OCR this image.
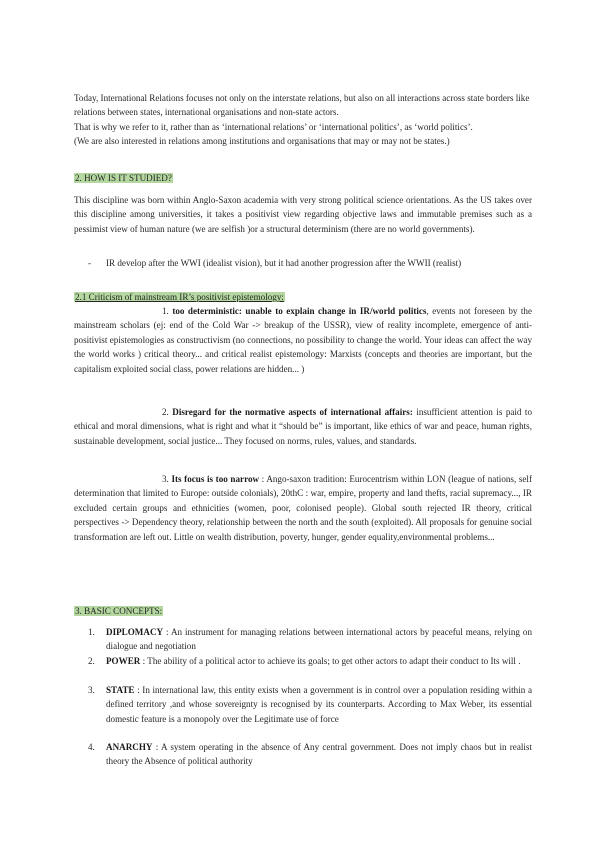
Today, International Relations focuses not only on the interstate relations, but also on all interactions across state borders like relations between states, international organisations and non-state actors.

That is why we refer to it, rather than as ‘international relations’ or ‘international politics’, as ‘world politics’.

(We are also interested in relations among institutions and organisations that may or may not be states.)

2. HOW IS IT STUDIED?

This discipline was born within Anglo-Saxon academia with very strong political science orientations. As the US takes over this discipline among universities, it takes a positivist view regarding objective laws and immutable premises such as a pessimist view of human nature (we are selfish )or a structural determinism (there are no world governments).

- IR develop after the WWI (idealist vision), but it had another progression after the WWII (realist)

2.1 Criticism of mainstream IR’s positivist epistemology:

1. too deterministic: unable to explain change in IR/world politics, events not foreseen by the mainstream scholars (ej: end of the Cold War -> breakup of the USSR), view of reality incomplete, emergence of anti-positivist epistemologies as constructivism (no connections, no possibility to change the world. Your ideas can affect the way the world works ) critical theory... and critical realist epistemology: Marxists (concepts and theories are important, but the capitalism exploited social class, power relations are hidden... )

2. Disregard for the normative aspects of international affairs: insufficient attention is paid to ethical and moral dimensions, what is right and what it “should be” is important, like ethics of war and peace, human rights, sustainable development, social justice... They focused on norms, rules, values, and standards.

3. Its focus is too narrow : Ango-saxon tradition: Eurocentrism within LON (league of nations, self determination that limited to Europe: outside colonials), 20thC : war, empire, property and land thefts, racial supremacy..., IR excluded certain groups and ethnicities (women, poor, colonised people). Global south rejected IR theory, critical perspectives -> Dependency theory, relationship between the north and the south (exploited). All proposals for genuine social transformation are left out. Little on wealth distribution, poverty, hunger, gender equality,environmental problems...

3. BASIC CONCEPTS:

1.	DIPLOMACY : An instrument for managing relations between international actors by peaceful means, relying on dialogue and negotiation
2.	POWER : The ability of a political actor to achieve its goals; to get other actors to adapt their conduct to Its will .
3.	STATE : In international law, this entity exists when a government is in control over a population residing within a defined territory ,and whose sovereignty is recognised by its counterparts. According to Max Weber, its essential domestic feature is a monopoly over the Legitimate use of force
4.	ANARCHY : A system operating in the absence of Any central government. Does not imply chaos but in realist theory the Absence of political authority
